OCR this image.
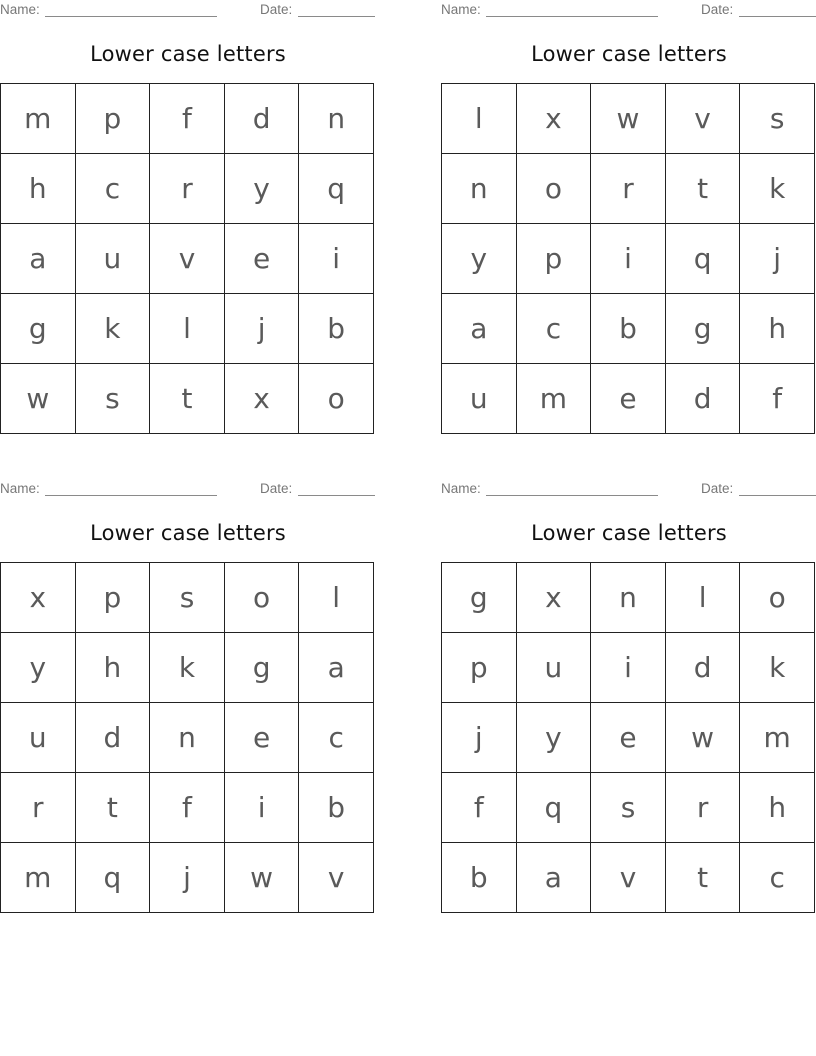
Name:	Date:
Lower case letters
m	p	f	d	n
h	c	r	y	q
a	u	v	e	i
g	k	l	j	b
w	s	t	x	o
Name:	Date:
Lower case letters
l	x	w	v	s
n	o	r	t	k
y	p	i	q	j
a	c	b	g	h
u	m	e	d	f
Name:	Date:
Lower case letters
x	p	s	o	l
y	h	k	g	a
u	d	n	e	c
r	t	f	i	b
m	q	j	w	v
Name:	Date:
Lower case letters
g	x	n	l	o
p	u	i	d	k
j	y	e	w	m
f	q	s	r	h
b	a	v	t	c
